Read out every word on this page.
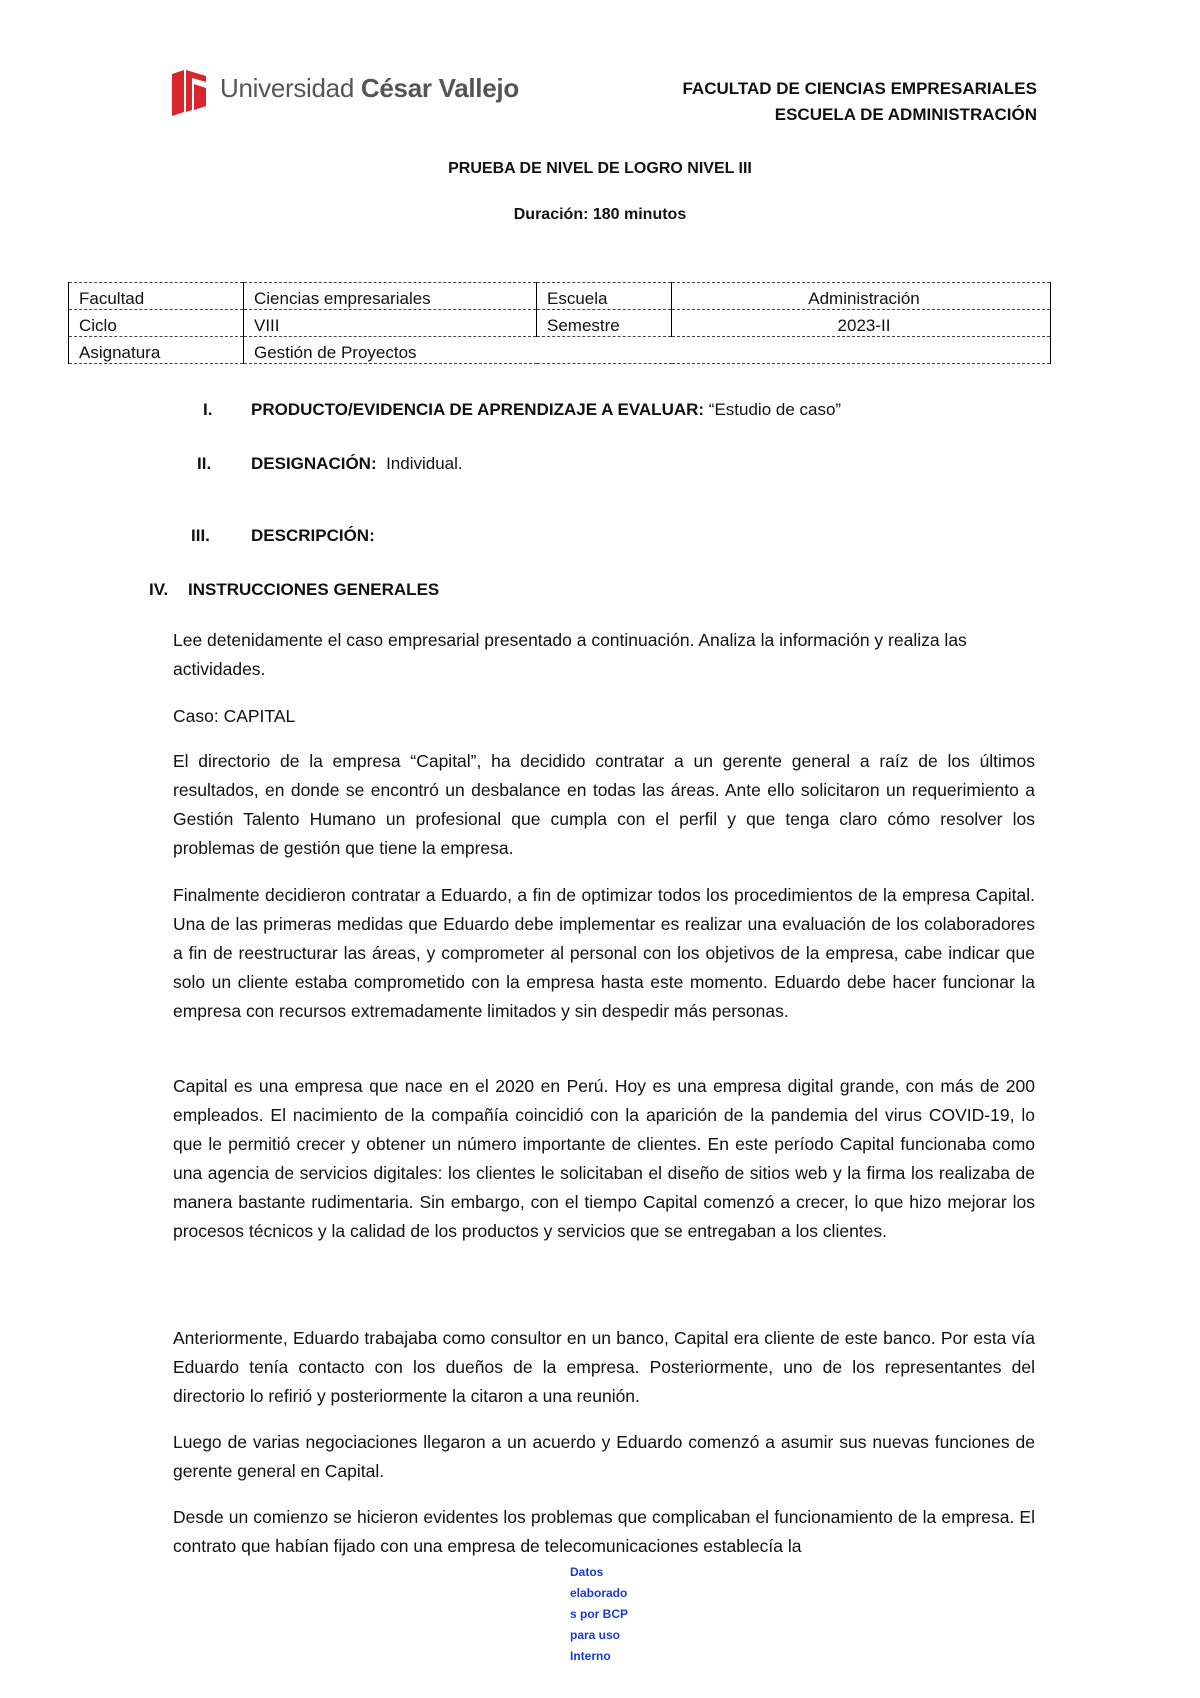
Universidad César Vallejo	FACULTAD DE CIENCIAS EMPRESARIALES
ESCUELA DE ADMINISTRACIÓN
PRUEBA DE NIVEL DE LOGRO NIVEL III
Duración: 180 minutos
Facultad	Ciencias empresariales	Escuela	Administración
Ciclo	VIII	Semestre	2023-II
Asignatura	Gestión de Proyectos		
I. PRODUCTO/EVIDENCIA DE APRENDIZAJE A EVALUAR: “Estudio de caso”
II. DESIGNACIÓN: Individual.
III. DESCRIPCIÓN:
IV. INSTRUCCIONES GENERALES
Lee detenidamente el caso empresarial presentado a continuación. Analiza la información y realiza las actividades.
Caso: CAPITAL
El directorio de la empresa “Capital”, ha decidido contratar a un gerente general a raíz de los últimos resultados, en donde se encontró un desbalance en todas las áreas. Ante ello solicitaron un requerimiento a Gestión Talento Humano un profesional que cumpla con el perfil y que tenga claro cómo resolver los problemas de gestión que tiene la empresa.
Finalmente decidieron contratar a Eduardo, a fin de optimizar todos los procedimientos de la empresa Capital. Una de las primeras medidas que Eduardo debe implementar es realizar una evaluación de los colaboradores a fin de reestructurar las áreas, y comprometer al personal con los objetivos de la empresa, cabe indicar que solo un cliente estaba comprometido con la empresa hasta este momento. Eduardo debe hacer funcionar la empresa con recursos extremadamente limitados y sin despedir más personas.
Capital es una empresa que nace en el 2020 en Perú. Hoy es una empresa digital grande, con más de 200 empleados. El nacimiento de la compañía coincidió con la aparición de la pandemia del virus COVID-19, lo que le permitió crecer y obtener un número importante de clientes. En este período Capital funcionaba como una agencia de servicios digitales: los clientes le solicitaban el diseño de sitios web y la firma los realizaba de manera bastante rudimentaria. Sin embargo, con el tiempo Capital comenzó a crecer, lo que hizo mejorar los procesos técnicos y la calidad de los productos y servicios que se entregaban a los clientes.
Anteriormente, Eduardo trabajaba como consultor en un banco, Capital era cliente de este banco. Por esta vía Eduardo tenía contacto con los dueños de la empresa. Posteriormente, uno de los representantes del directorio lo refirió y posteriormente la citaron a una reunión.
Luego de varias negociaciones llegaron a un acuerdo y Eduardo comenzó a asumir sus nuevas funciones de gerente general en Capital.
Desde un comienzo se hicieron evidentes los problemas que complicaban el funcionamiento de la empresa. El contrato que habían fijado con una empresa de telecomunicaciones establecía la
Datos
elaborado
s por BCP
para uso
Interno
